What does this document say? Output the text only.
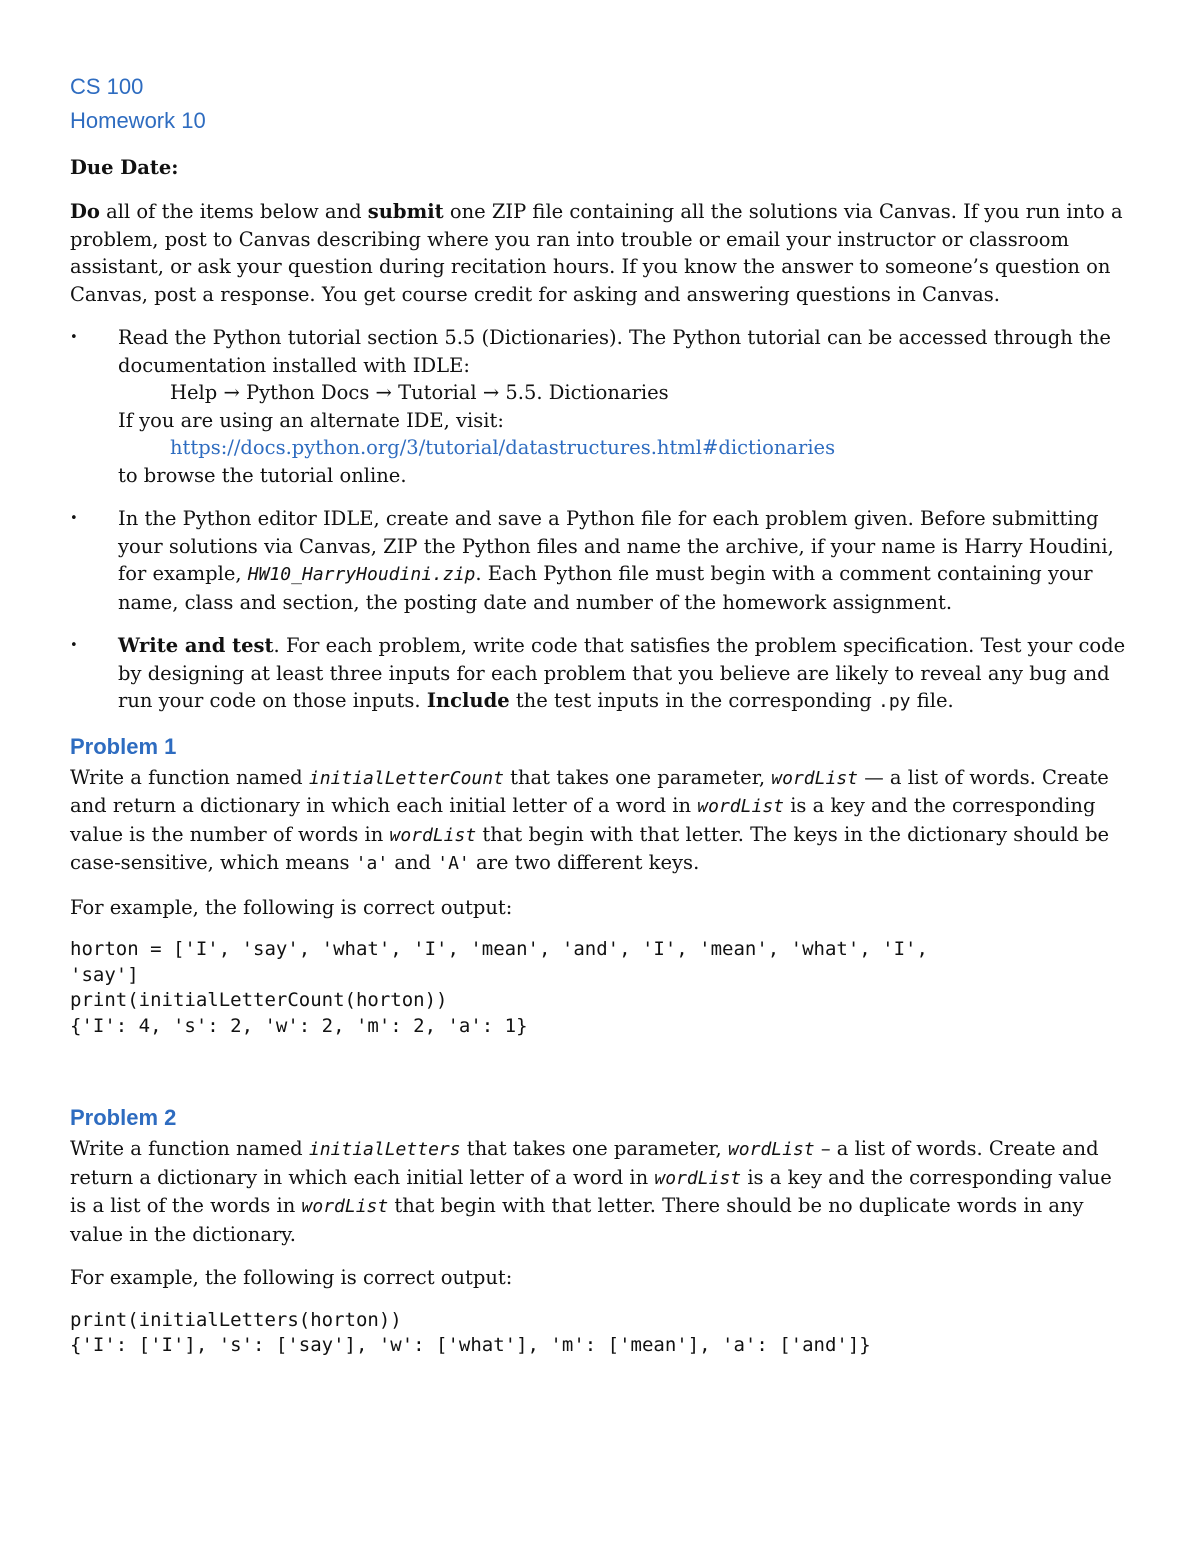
CS 100
Homework 10
Due Date:

Do all of the items below and submit one ZIP file containing all the solutions via Canvas. If you run into a problem, post to Canvas describing where you ran into trouble or email your instructor or classroom assistant, or ask your question during recitation hours. If you know the answer to someone’s question on Canvas, post a response. You get course credit for asking and answering questions in Canvas.

• Read the Python tutorial section 5.5 (Dictionaries). The Python tutorial can be accessed through the documentation installed with IDLE:
Help → Python Docs → Tutorial → 5.5. Dictionaries
If you are using an alternate IDE, visit:
https://docs.python.org/3/tutorial/datastructures.html#dictionaries
to browse the tutorial online.
• In the Python editor IDLE, create and save a Python file for each problem given. Before submitting your solutions via Canvas, ZIP the Python files and name the archive, if your name is Harry Houdini, for example, HW10_HarryHoudini.zip. Each Python file must begin with a comment containing your name, class and section, the posting date and number of the homework assignment.
• Write and test. For each problem, write code that satisfies the problem specification. Test your code by designing at least three inputs for each problem that you believe are likely to reveal any bug and run your code on those inputs. Include the test inputs in the corresponding .py file.
Problem 1

Write a function named initialLetterCount that takes one parameter, wordList — a list of words. Create and return a dictionary in which each initial letter of a word in wordList is a key and the corresponding value is the number of words in wordList that begin with that letter. The keys in the dictionary should be case-sensitive, which means 'a' and 'A' are two different keys.

For example, the following is correct output:

horton = ['I', 'say', 'what', 'I', 'mean', 'and', 'I', 'mean', 'what', 'I',
'say']
print(initialLetterCount(horton))
{'I': 4, 's': 2, 'w': 2, 'm': 2, 'a': 1}
Problem 2

Write a function named initialLetters that takes one parameter, wordList – a list of words. Create and return a dictionary in which each initial letter of a word in wordList is a key and the corresponding value is a list of the words in wordList that begin with that letter. There should be no duplicate words in any value in the dictionary.

For example, the following is correct output:

print(initialLetters(horton))
{'I': ['I'], 's': ['say'], 'w': ['what'], 'm': ['mean'], 'a': ['and']}
